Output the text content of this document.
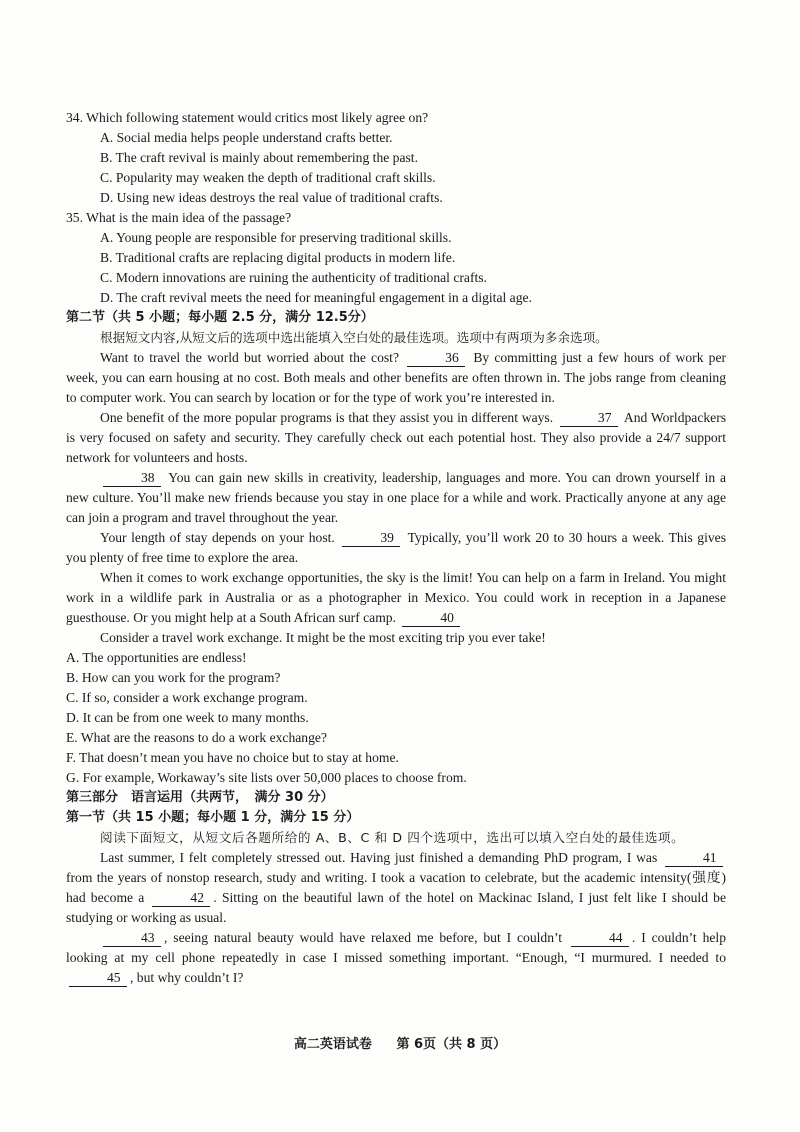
34. Which following statement would critics most likely agree on?
A. Social media helps people understand crafts better.
B. The craft revival is mainly about remembering the past.
C. Popularity may weaken the depth of traditional craft skills.
D. Using new ideas destroys the real value of traditional crafts.
35. What is the main idea of the passage?
A. Young people are responsible for preserving traditional skills.
B. Traditional crafts are replacing digital products in modern life.
C. Modern innovations are ruining the authenticity of traditional crafts.
D. The craft revival meets the need for meaningful engagement in a digital age.
第二节（共 5 小题；每小题 2.5 分，满分 12.5分）
根据短文内容,从短文后的选项中选出能填入空白处的最佳选项。选项中有两项为多余选项。
Want to travel the world but worried about the cost?	36 By committing just a few hours of work per week, you can earn housing at no cost. Both meals and other benefits are often thrown in. The jobs range from cleaning to computer work. You can search by location or for the type of work you’re interested in.
One benefit of the more popular programs is that they assist you in different ways.	37 And Worldpackers is very focused on safety and security. They carefully check out each potential host. They also provide a 24/7 support network for volunteers and hosts.
38 You can gain new skills in creativity, leadership, languages and more. You can drown yourself in a new culture. You’ll make new friends because you stay in one place for a while and work. Practically anyone at any age can join a program and travel throughout the year.
Your length of stay depends on your host.	39 Typically, you’ll work 20 to 30 hours a week. This gives you plenty of free time to explore the area.
When it comes to work exchange opportunities, the sky is the limit! You can help on a farm in Ireland. You might work in a wildlife park in Australia or as a photographer in Mexico. You could work in reception in a Japanese guesthouse. Or you might help at a South African surf camp.	40
Consider a travel work exchange. It might be the most exciting trip you ever take!
A. The opportunities are endless!
B. How can you work for the program?
C. If so, consider a work exchange program.
D. It can be from one week to many months.
E. What are the reasons to do a work exchange?
F. That doesn’t mean you have no choice but to stay at home.
G. For example, Workaway’s site lists over 50,000 places to choose from.
第三部分　语言运用（共两节，　满分 30 分）
第一节（共 15 小题；每小题 1 分，满分 15 分）
阅读下面短文，从短文后各题所给的 A、B、C 和 D 四个选项中，选出可以填入空白处的最佳选项。
Last summer, I felt completely stressed out. Having just finished a demanding PhD program, I was	41 from the years of nonstop research, study and writing. I took a vacation to celebrate, but the academic intensity(强度) had become a	42 . Sitting on the beautiful lawn of the hotel on Mackinac Island, I just felt like I should be studying or working as usual.
43 , seeing natural beauty would have relaxed me before, but I couldn’t	44 . I couldn’t help looking at my cell phone repeatedly in case I missed something important. “Enough, “I murmured. I needed to 45 , but why couldn’t I?
高二英语试卷 第 6页（共 8 页）
